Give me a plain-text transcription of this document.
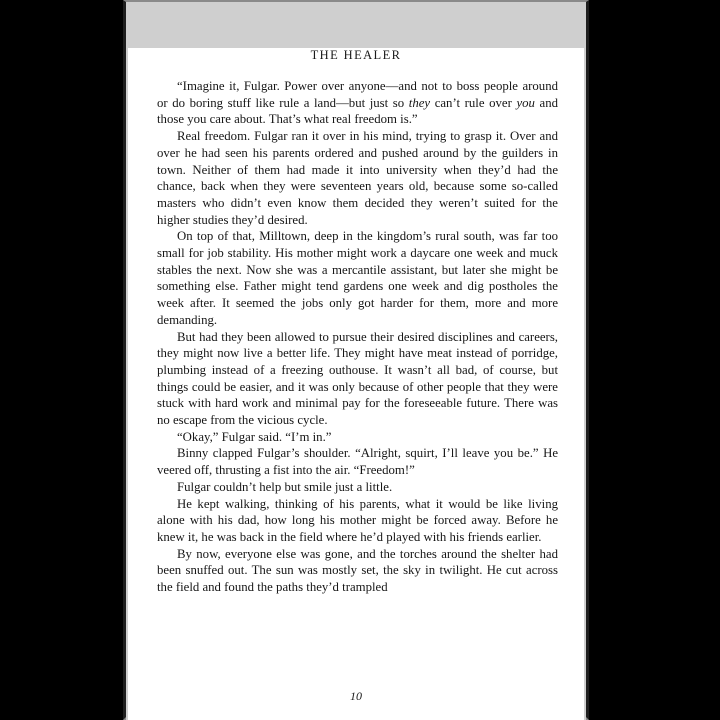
THE HEALER

“Imagine it, Fulgar. Power over anyone—and not to boss people around or do boring stuff like rule a land—but just so they can’t rule over you and those you care about. That’s what real freedom is.”

Real freedom. Fulgar ran it over in his mind, trying to grasp it. Over and over he had seen his parents ordered and pushed around by the guilders in town. Neither of them had made it into university when they’d had the chance, back when they were seventeen years old, because some so-called masters who didn’t even know them decided they weren’t suited for the higher studies they’d desired.

On top of that, Milltown, deep in the kingdom’s rural south, was far too small for job stability. His mother might work a daycare one week and muck stables the next. Now she was a mercantile assistant, but later she might be something else. Father might tend gardens one week and dig postholes the week after. It seemed the jobs only got harder for them, more and more demanding.

But had they been allowed to pursue their desired disciplines and careers, they might now live a better life. They might have meat instead of porridge, plumbing instead of a freezing outhouse. It wasn’t all bad, of course, but things could be easier, and it was only because of other people that they were stuck with hard work and minimal pay for the foreseeable future. There was no escape from the vicious cycle.

“Okay,” Fulgar said. “I’m in.”

Binny clapped Fulgar’s shoulder. “Alright, squirt, I’ll leave you be.” He veered off, thrusting a fist into the air. “Freedom!”

Fulgar couldn’t help but smile just a little.

He kept walking, thinking of his parents, what it would be like living alone with his dad, how long his mother might be forced away. Before he knew it, he was back in the field where he’d played with his friends earlier.

By now, everyone else was gone, and the torches around the shelter had been snuffed out. The sun was mostly set, the sky in twilight. He cut across the field and found the paths they’d trampled

10
